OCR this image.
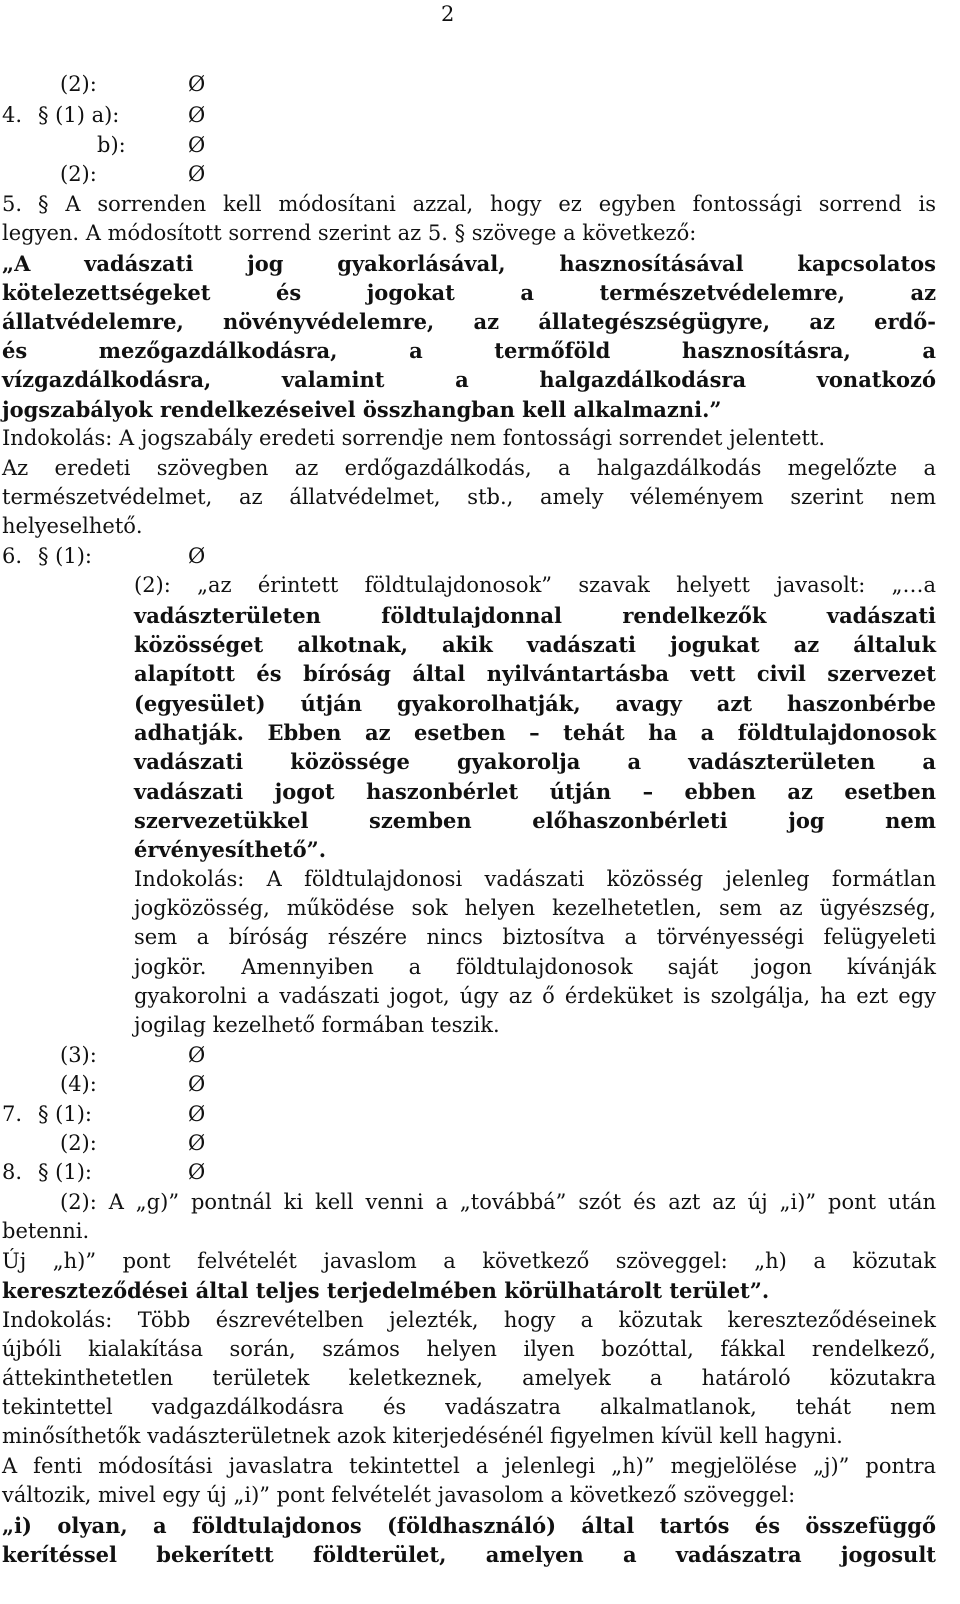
2
(2):	Ø
4. § (1) a):	Ø
b):	Ø
(2):	Ø
5. § A sorrenden kell módosítani azzal, hogy ez egyben fontossági sorrend is
legyen. A módosított sorrend szerint az 5. § szövege a következő:
„A vadászati jog gyakorlásával, hasznosításával kapcsolatos
kötelezettségeket és jogokat a természetvédelemre, az
állatvédelemre, növényvédelemre, az állategészségügyre, az erdő-
és mezőgazdálkodásra, a termőföld hasznosításra, a
vízgazdálkodásra, valamint a halgazdálkodásra vonatkozó
jogszabályok rendelkezéseivel összhangban kell alkalmazni.”
Indokolás: A jogszabály eredeti sorrendje nem fontossági sorrendet jelentett.
Az eredeti szövegben az erdőgazdálkodás, a halgazdálkodás megelőzte a
természetvédelmet, az állatvédelmet, stb., amely véleményem szerint nem
helyeselhető.
6. § (1):	Ø
(2): „az érintett földtulajdonosok” szavak helyett javasolt: „…a
vadászterületen földtulajdonnal rendelkezők vadászati
közösséget alkotnak, akik vadászati jogukat az általuk
alapított és bíróság által nyilvántartásba vett civil szervezet
(egyesület) útján gyakorolhatják, avagy azt haszonbérbe
adhatják. Ebben az esetben – tehát ha a földtulajdonosok
vadászati közössége gyakorolja a vadászterületen a
vadászati jogot haszonbérlet útján – ebben az esetben
szervezetükkel szemben előhaszonbérleti jog nem
érvényesíthető”.
Indokolás: A földtulajdonosi vadászati közösség jelenleg formátlan
jogközösség, működése sok helyen kezelhetetlen, sem az ügyészség,
sem a bíróság részére nincs biztosítva a törvényességi felügyeleti
jogkör. Amennyiben a földtulajdonosok saját jogon kívánják
gyakorolni a vadászati jogot, úgy az ő érdeküket is szolgálja, ha ezt egy
jogilag kezelhető formában teszik.
(3):	Ø
(4):	Ø
7. § (1):	Ø
(2):	Ø
8. § (1):	Ø
(2): A „g)” pontnál ki kell venni a „továbbá” szót és azt az új „i)” pont után
betenni.
Új „h)” pont felvételét javaslom a következő szöveggel: „h) a közutak
kereszteződései által teljes terjedelmében körülhatárolt terület”.
Indokolás: Több észrevételben jelezték, hogy a közutak kereszteződéseinek
újbóli kialakítása során, számos helyen ilyen bozóttal, fákkal rendelkező,
áttekinthetetlen területek keletkeznek, amelyek a határoló közutakra
tekintettel vadgazdálkodásra és vadászatra alkalmatlanok, tehát nem
minősíthetők vadászterületnek azok kiterjedésénél figyelmen kívül kell hagyni.
A fenti módosítási javaslatra tekintettel a jelenlegi „h)” megjelölése „j)” pontra
változik, mivel egy új „i)” pont felvételét javasolom a következő szöveggel:
„i) olyan, a földtulajdonos (földhasználó) által tartós és összefüggő
kerítéssel bekerített földterület, amelyen a vadászatra jogosult
